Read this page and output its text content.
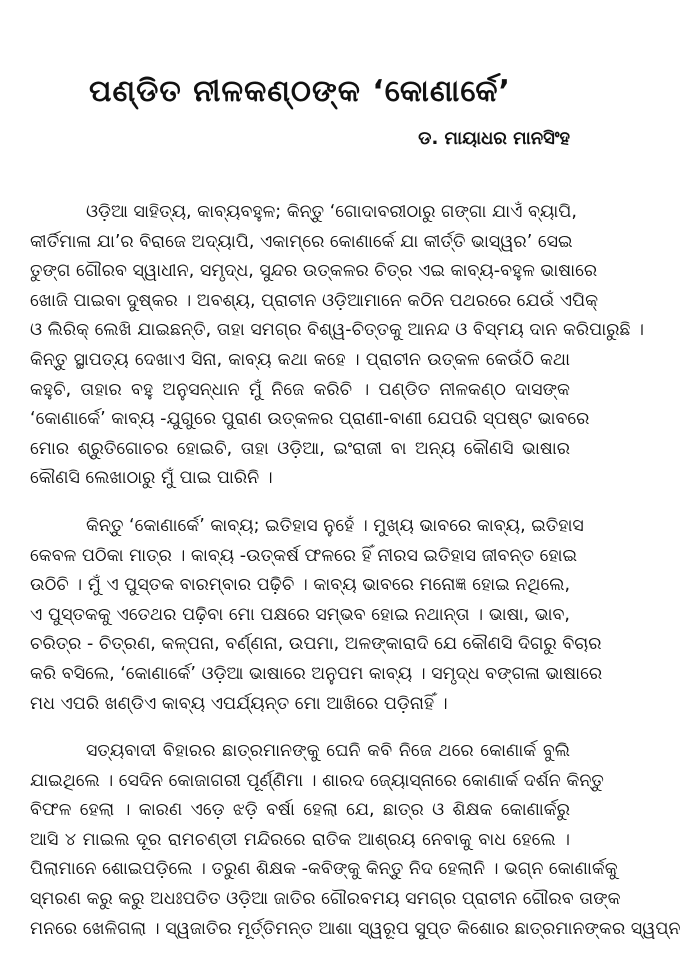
ପଣ୍ଡିତ ନୀଳକଣ୍ଠଙ୍କ ‘କୋଣାର୍କେ’
ଡ. ମାୟାଧର ମାନସିଂହ
ଓଡ଼ିଆ ସାହିତ୍ୟ, କାବ୍ୟବହୁଳ; କିନ୍ତୁ ‘ଗୋଦାବରୀଠାରୁ ଗଙ୍ଗା ଯାଏଁ ବ୍ୟାପି,
କୀର୍ତିମାଳା ଯା’ର ବିରାଜେ ଅଦ୍ୟାପି, ଏକାମ୍ରେ କୋଣାର୍କେ ଯା କୀର୍ତ୍ତି ଭାସ୍ୱର’ ସେଇ
ତୁଙ୍ଗ ଗୌରବ ସ୍ୱାଧୀନ, ସମୃଦ୍ଧ, ସୁନ୍ଦର ଉତ୍କଳର ଚିତ୍ର ଏଇ କାବ୍ୟ-ବହୁଳ ଭାଷାରେ
ଖୋଜି ପାଇବା ଦୁଷ୍କର । ଅବଶ୍ୟ, ପ୍ରାଚୀନ ଓଡ଼ିଆମାନେ କଠିନ ପଥରରେ ଯେଉଁ ଏପିକ୍
ଓ ଲିରିକ୍ ଲେଖି ଯାଇଛନ୍ତି, ତାହା ସମଗ୍ର ବିଶ୍ୱ-ଚିତ୍ତକୁ ଆନନ୍ଦ ଓ ବିସ୍ମୟ ଦାନ କରିପାରୁଛି ।
କିନ୍ତୁ ସ୍ଥାପତ୍ୟ ଦେଖାଏ ସିନା, କାବ୍ୟ କଥା କହେ । ପ୍ରାଚୀନ ଉତ୍କଳ କେଉଁଠି କଥା
କହୁଚି, ତାହାର ବହୁ ଅନୁସନ୍ଧାନ ମୁଁ ନିଜେ କରିଚି । ପଣ୍ଡିତ ନୀଳକଣ୍ଠ ଦାସଙ୍କ
‘କୋଣାର୍କେ’ କାବ୍ୟ -ଯୁଗୁରେ ପୁରାଣ ଉତ୍କଳର ପ୍ରାଣୀ-ବାଣୀ ଯେପରି ସ୍ପଷ୍ଟ ଭାବରେ
ମୋର ଶ୍ରୁତିଗୋଚର ହୋଇଚି, ତାହା ଓଡ଼ିଆ, ଇଂରାଜୀ ବା ଅନ୍ୟ କୌଣସି ଭାଷାର
କୌଣସି ଲେଖାଠାରୁ ମୁଁ ପାଇ ପାରିନି ।
କିନ୍ତୁ ‘କୋଣାର୍କେ’ କାବ୍ୟ; ଇତିହାସ ନୁହେଁ । ମୁଖ୍ୟ ଭାବରେ କାବ୍ୟ, ଇତିହାସ
କେବଳ ପଠିକା ମାତ୍ର । କାବ୍ୟ -ଉତ୍କର୍ଷ ଫଳରେ ହିଁ ନୀରସ ଇତିହାସ ଜୀବନ୍ତ ହୋଇ
ଉଠିଚି । ମୁଁ ଏ ପୁସ୍ତକ ବାରମ୍ବାର ପଢ଼ିଚି । କାବ୍ୟ ଭାବରେ ମନୋଜ୍ଞ ହୋଇ ନଥିଲେ,
ଏ ପୁସ୍ତକକୁ ଏତେଥର ପଢ଼ିବା ମୋ ପକ୍ଷରେ ସମ୍ଭବ ହୋଇ ନଥାନ୍ତା । ଭାଷା, ଭାବ,
ଚରିତ୍ର - ଚିତ୍ରଣ, କଳ୍ପନା, ବର୍ଣ୍ଣନା, ଉପମା, ଅଳଙ୍କାରାଦି ଯେ କୌଣସି ଦିଗରୁ ବିଚାର
କରି ବସିଲେ, ‘କୋଣାର୍କେ’ ଓଡ଼ିଆ ଭାଷାରେ ଅନୁପମ କାବ୍ୟ । ସମୃଦ୍ଧ ବଙ୍ଗଳା ଭାଷାରେ
ମଧ ଏପରି ଖଣ୍ଡିଏ କାବ୍ୟ ଏପର୍ଯ୍ୟନ୍ତ ମୋ ଆଖିରେ ପଡ଼ିନାହିଁ ।
ସତ୍ୟବାଦୀ ବିହାରର ଛାତ୍ରମାନଙ୍କୁ ଘେନି କବି ନିଜେ ଥରେ କୋଣାର୍କ ବୁଲି
ଯାଇଥିଲେ । ସେଦିନ କୋଜାଗରୀ ପୂର୍ଣ୍ଣିମା । ଶାରଦ ଜ୍ୟୋସ୍ନାରେ କୋଣାର୍କ ଦର୍ଶନ କିନ୍ତୁ
ବିଫଳ ହେଲା । କାରଣ ଏଡ଼େ ଝଡ଼ି ବର୍ଷା ହେଲା ଯେ, ଛାତ୍ର ଓ ଶିକ୍ଷକ କୋଣାର୍କରୁ
ଆସି ୪ ମାଇଲ ଦୂର ରାମଚଣ୍ଡୀ ମନ୍ଦିରରେ ରାତିକ ଆଶ୍ରୟ ନେବାକୁ ବାଧ ହେଲେ ।
ପିଲାମାନେ ଶୋଇପଡ଼ିଲେ । ତରୁଣ ଶିକ୍ଷକ -କବିଙ୍କୁ କିନ୍ତୁ ନିଦ ହେଲାନି । ଭଗ୍ନ କୋଣାର୍କକୁ
ସ୍ମରଣ କରୁ କରୁ ଅଧଃପତିତ ଓଡ଼ିଆ ଜାତିର ଗୌରବମୟ ସମଗ୍ର ପ୍ରାଚୀନ ଗୌରବ ତାଙ୍କ
ମନରେ ଖେଳିଗଲା । ସ୍ୱଜାତିର ମୂର୍ତ୍ତିମନ୍ତ ଆଶା ସ୍ୱରୂପ ସୁପ୍ତ କିଶୋର ଛାତ୍ରମାନଙ୍କର ସ୍ୱପ୍ନ
